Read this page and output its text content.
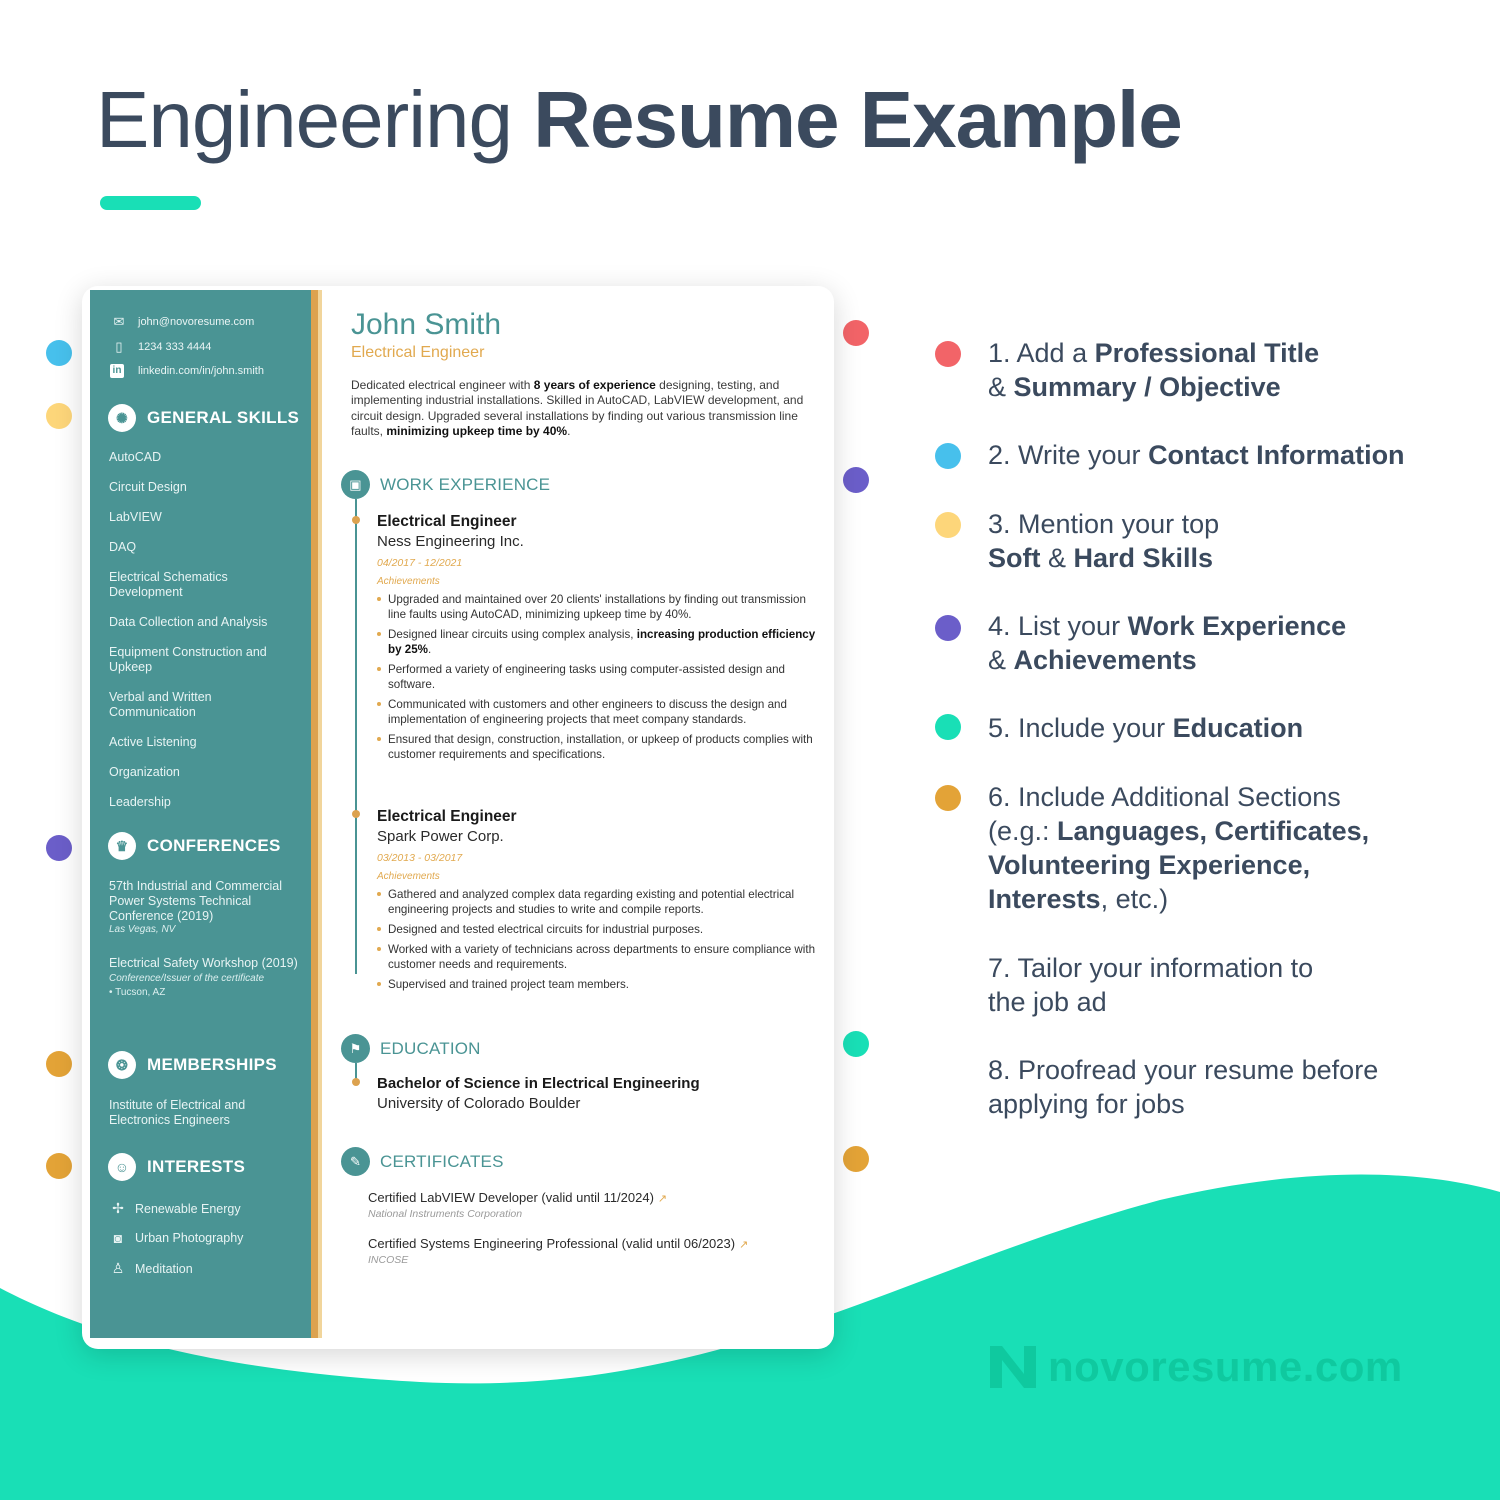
Engineering Resume Example
✉	john@novoresume.com
▯	1234 333 4444
in linkedin.com/in/john.smith
✺	GENERAL SKILLS
AutoCAD
Circuit Design
LabVIEW
DAQ
Electrical Schematics Development
Data Collection and Analysis
Equipment Construction and Upkeep
Verbal and Written Communication
Active Listening
Organization
Leadership
♛	CONFERENCES
57th Industrial and Commercial Power Systems Technical Conference (2019)
Las Vegas, NV
Electrical Safety Workshop (2019)
Conference/Issuer of the certificate
• Tucson, AZ
❂	MEMBERSHIPS
Institute of Electrical and Electronics Engineers
☺	INTERESTS
✢ Renewable Energy
◙	Urban Photography
♙ Meditation
John Smith
Electrical Engineer
Dedicated electrical engineer with 8 years of experience designing, testing, and implementing industrial installations. Skilled in AutoCAD, LabVIEW development, and circuit design. Upgraded several installations by finding out various transmission line faults, minimizing upkeep time by 40%.
▣	WORK EXPERIENCE
Electrical Engineer
Ness Engineering Inc.
04/2017 - 12/2021
Achievements
Upgraded and maintained over 20 clients' installations by finding out transmission line faults using AutoCAD, minimizing upkeep time by 40%.
Designed linear circuits using complex analysis, increasing production efficiency by 25%.
Performed a variety of engineering tasks using computer-assisted design and software.
Communicated with customers and other engineers to discuss the design and implementation of engineering projects that meet company standards.
Ensured that design, construction, installation, or upkeep of products complies with customer requirements and specifications.
Electrical Engineer
Spark Power Corp.
03/2013 - 03/2017
Achievements
Gathered and analyzed complex data regarding existing and potential electrical engineering projects and studies to write and compile reports.
Designed and tested electrical circuits for industrial purposes.
Worked with a variety of technicians across departments to ensure compliance with customer needs and requirements.
Supervised and trained project team members.
⚑	EDUCATION
Bachelor of Science in Electrical Engineering
University of Colorado Boulder
✎	CERTIFICATES
Certified LabVIEW Developer (valid until 11/2024) ↗
National Instruments Corporation
Certified Systems Engineering Professional (valid until 06/2023) ↗
INCOSE
1. Add a Professional Title
& Summary / Objective
2. Write your Contact Information
3. Mention your top
Soft & Hard Skills
4. List your Work Experience
& Achievements
5. Include your Education
6. Include Additional Sections
(e.g.: Languages, Certificates,
Volunteering Experience,
Interests, etc.)
7. Tailor your information to
the job ad
8. Proofread your resume before
applying for jobs
novoresume.com
